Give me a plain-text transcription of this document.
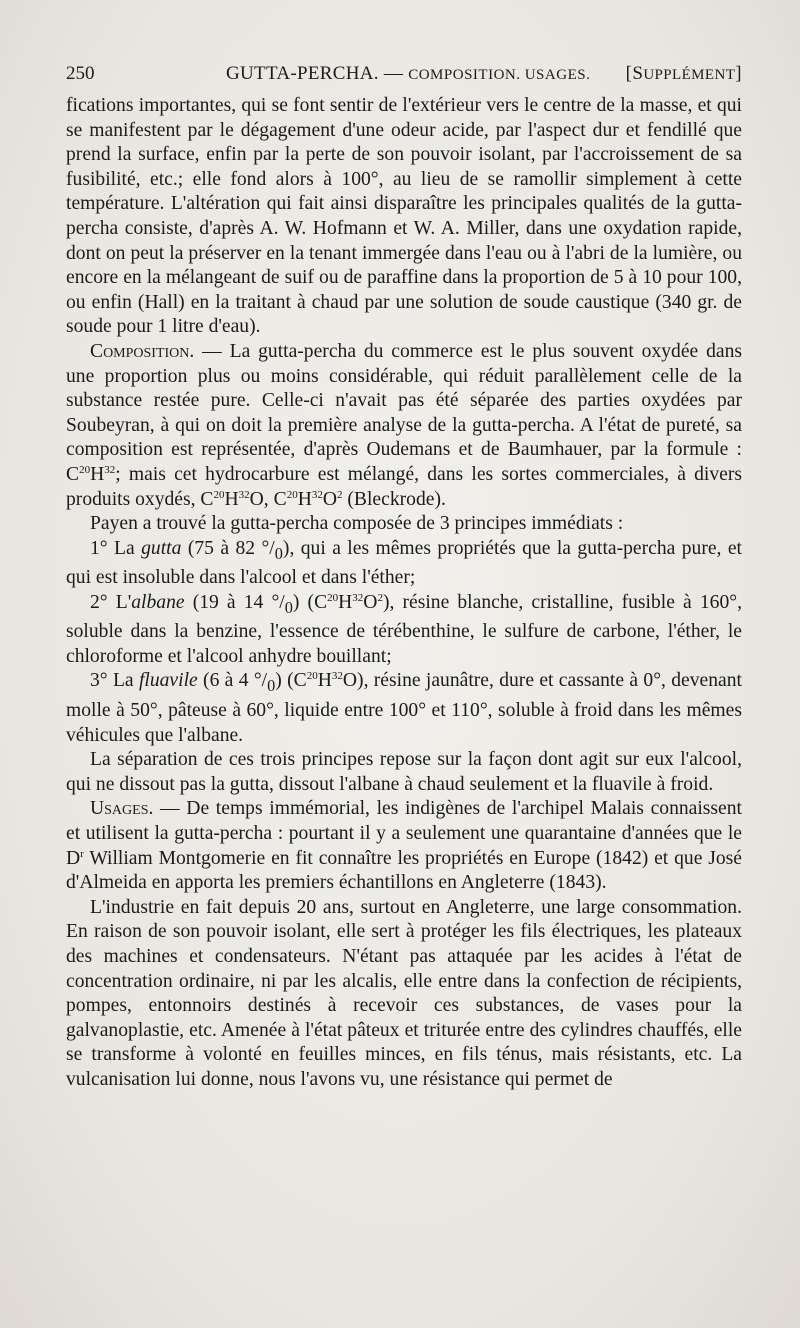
250	GUTTA-PERCHA. — COMPOSITION. USAGES. [SUPPLÉMENT]

fications importantes, qui se font sentir de l'extérieur vers le centre de la masse, et qui se manifestent par le dégagement d'une odeur acide, par l'aspect dur et fendillé que prend la surface, enfin par la perte de son pouvoir isolant, par l'accroissement de sa fusibilité, etc.; elle fond alors à 100°, au lieu de se ramollir simplement à cette température. L'altération qui fait ainsi disparaître les principales qualités de la gutta-percha consiste, d'après A. W. Hofmann et W. A. Miller, dans une oxydation rapide, dont on peut la préserver en la tenant immergée dans l'eau ou à l'abri de la lumière, ou encore en la mélangeant de suif ou de paraffine dans la proportion de 5 à 10 pour 100, ou enfin (Hall) en la traitant à chaud par une solution de soude caustique (340 gr. de soude pour 1 litre d'eau).

Composition. — La gutta-percha du commerce est le plus souvent oxydée dans une proportion plus ou moins considérable, qui réduit parallèlement celle de la substance restée pure. Celle-ci n'avait pas été séparée des parties oxydées par Soubeyran, à qui on doit la première analyse de la gutta-percha. A l'état de pureté, sa composition est représentée, d'après Oudemans et de Baumhauer, par la formule : $C^{20}H^{32}$; mais cet hydrocarbure est mélangé, dans les sortes commerciales, à divers produits oxydés, $C^{20}H^{32}O$, $C^{20}H^{32}O^2$ (Bleckrode).

Payen a trouvé la gutta-percha composée de 3 principes immédiats :

1° La gutta (75 à 82 $^\circ/_0$), qui a les mêmes propriétés que la gutta-percha pure, et qui est insoluble dans l'alcool et dans l'éther;

2° L'albane (19 à 14 $^\circ/_0$) $(C^{20}H^{32}O^2)$, résine blanche, cristalline, fusible à 160°, soluble dans la benzine, l'essence de térébenthine, le sulfure de carbone, l'éther, le chloroforme et l'alcool anhydre bouillant;

3° La fluavile (6 à 4 $^\circ/_0$) $(C^{20}H^{32}O)$, résine jaunâtre, dure et cassante à 0°, devenant molle à 50°, pâteuse à 60°, liquide entre 100° et 110°, soluble à froid dans les mêmes véhicules que l'albane.

La séparation de ces trois principes repose sur la façon dont agit sur eux l'alcool, qui ne dissout pas la gutta, dissout l'albane à chaud seulement et la fluavile à froid.

Usages. — De temps immémorial, les indigènes de l'archipel Malais connaissent et utilisent la gutta-percha : pourtant il y a seulement une quarantaine d'années que le $D^r$ William Montgomerie en fit connaître les propriétés en Europe (1842) et que José d'Almeida en apporta les premiers échantillons en Angleterre (1843).

L'industrie en fait depuis 20 ans, surtout en Angleterre, une large consommation. En raison de son pouvoir isolant, elle sert à protéger les fils électriques, les plateaux des machines et condensateurs. N'étant pas attaquée par les acides à l'état de concentration ordinaire, ni par les alcalis, elle entre dans la confection de récipients, pompes, entonnoirs destinés à recevoir ces substances, de vases pour la galvanoplastie, etc. Amenée à l'état pâteux et triturée entre des cylindres chauffés, elle se transforme à volonté en feuilles minces, en fils ténus, mais résistants, etc. La vulcanisation lui donne, nous l'avons vu, une résistance qui permet de
